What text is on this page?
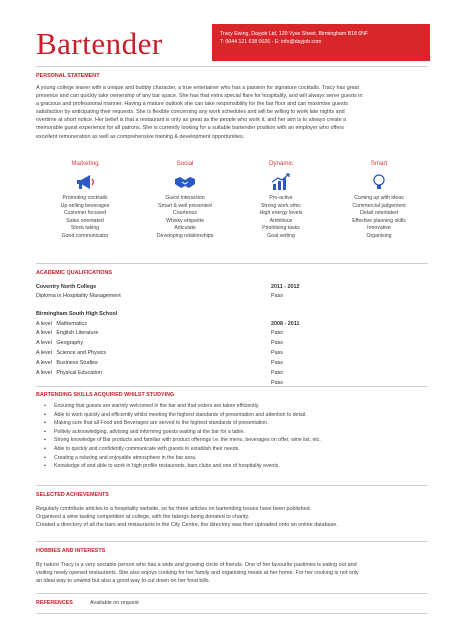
Bartender	Tracy Ewing, Dayjob Ltd, 120 Vyse Street, Birmingham B18 6NF
T: 0044 121 638 0026 - E: info@dayjob.com
PERSONAL STATEMENT
A young college leaver with a unique and bubbly character, a true entertainer who has a passion for signature cocktails. Tracy has great
presence and can quickly take ownership of any bar space. She has that extra special flare for hospitality, and will always serve guests in
a gracious and professional manner. Having a mature outlook she can take responsibility for the bar floor and can maximise guests
satisfaction by anticipating their requests. She is flexible concerning any work schedules and will be willing to work late nights and
overtime at short notice. Her belief is that a restaurant is only as great as the people who work it, and her aim is to always create a
memorable guest experience for all patrons. She is currently looking for a suitable bartender position with an employer who offers
excellent remuneration as well as comprehensive training & development opportunities.
Marketing
Promoting cocktails
Up-selling beverages
Customer focused
Sales orientated
Stock taking
Good communicator
Social
Guest interaction
Smart & well presented
Courteous
Whisky etiquette
Articulate
Developing relationships
Dynamic
Pro-active
Strong work ethic
High energy levels
Ambitious
Prioritising tasks
Goal setting
Smart
Coming up with ideas
Commercial judgement
Detail orientated
Effective planning skills
Innovative
Organising
ACADEMIC QUALIFICATIONS
Coventry North College	2011 - 2012
Diploma in Hospitality Management	Pass
Birmingham South High School
A level Mathematics	2008 - 2011
A level English Literature	Pass
A level Geography	Pass
A level Science and Physics	Pass
A level Business Studies	Pass
A level Physical Education	Pass
Pass
BARTENDING SKILLS ACQUIRED WHILST STUDYING
▪ Ensuring that guests are warmly welcomed in the bar and that orders are taken efficiently.
▪ Able to work quickly and efficiently whilst meeting the highest standards of presentation and attention to detail.
▪ Making sure that all Food and Beverages are served to the highest standards of presentation.
▪ Politely acknowledging, advising and informing guests waiting at the bar for a table.
▪ Strong knowledge of Bar products and familiar with product offerings i.e. the menu, beverages on offer, wine list, etc.
▪ Able to quickly and confidently communicate with guests to establish their needs.
▪ Creating a relaxing and enjoyable atmosphere in the bar area.
▪ Knowledge of and able to work in high profile restaurants, bars clubs and one of hospitality events.
SELECTED ACHIEVEMENTS
Regularly contribute articles to a hospitality website, so far three articles on bartending issues have been published.
Organised a wine tasting competition at college, with the takings being donated to charity.
Created a directory of all the bars and restaurants in the City Centre, the directory was then uploaded onto an online database.
HOBBIES AND INTERESTS
By nature Tracy is a very sociable person who has a wide and growing circle of friends. One of her favourite pastimes is eating out and
visiting newly opened restaurants. She also enjoys cooking for her family and organising meals at her home. For her cooking is not only
an ideal way to unwind but also a good way to cut down on her food bills.
REFERENCES	Available on request
